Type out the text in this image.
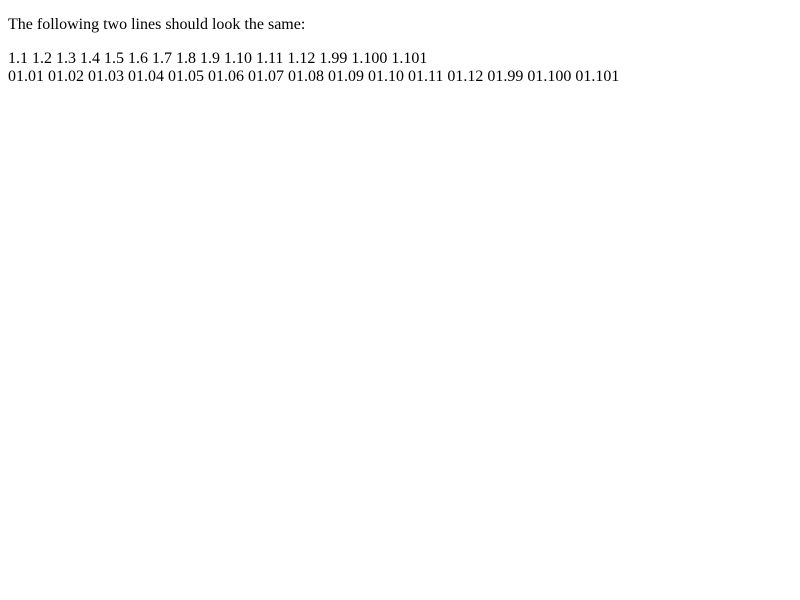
The following two lines should look the same:

1.1 1.2 1.3 1.4 1.5 1.6 1.7 1.8 1.9 1.10 1.11 1.12 1.99 1.100 1.101
01.01 01.02 01.03 01.04 01.05 01.06 01.07 01.08 01.09 01.10 01.11 01.12 01.99 01.100 01.101
